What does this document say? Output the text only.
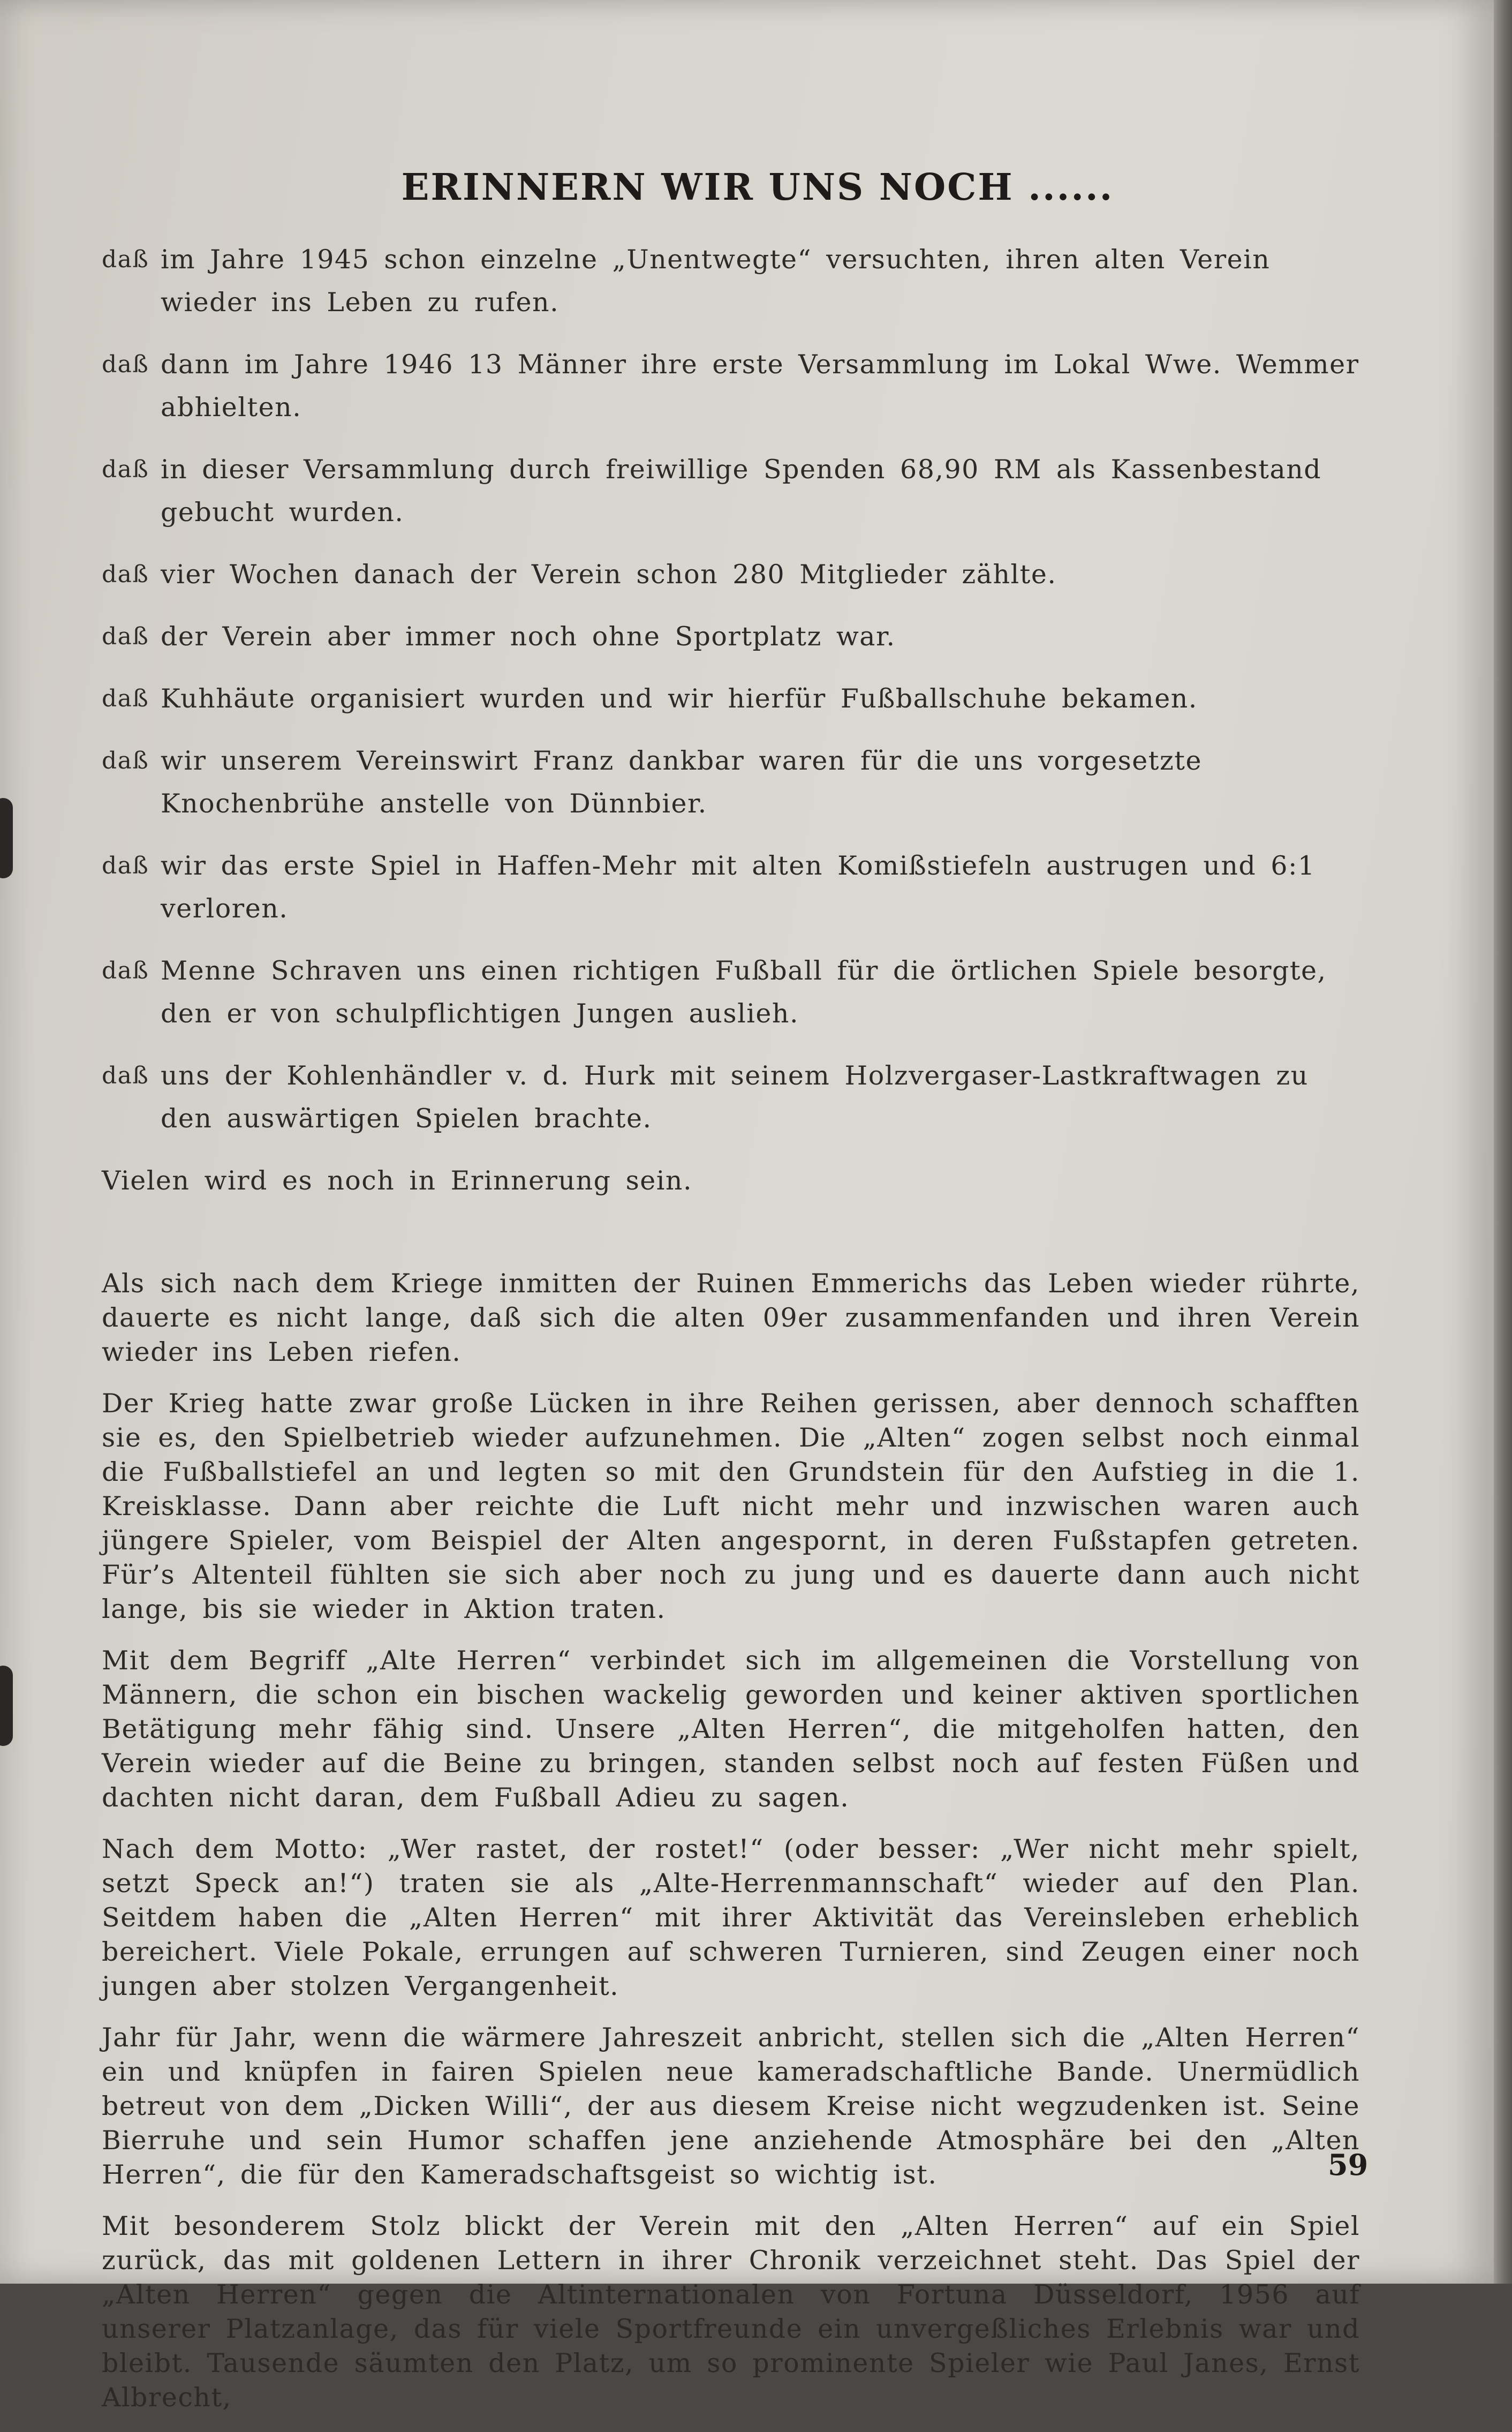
ERINNERN WIR UNS NOCH ......
daß im Jahre 1945 schon einzelne „Unentwegte“ versuchten, ihren alten Verein wieder ins Leben zu rufen.
daß dann im Jahre 1946 13 Männer ihre erste Versammlung im Lokal Wwe. Wemmer abhielten.
daß in dieser Versammlung durch freiwillige Spenden 68,90 RM als Kassenbestand gebucht wurden.
daß vier Wochen danach der Verein schon 280 Mitglieder zählte.
daß der Verein aber immer noch ohne Sportplatz war.
daß Kuhhäute organisiert wurden und wir hierfür Fußballschuhe bekamen.
daß wir unserem Vereinswirt Franz dankbar waren für die uns vorgesetzte Knochenbrühe anstelle von Dünnbier.
daß wir das erste Spiel in Haffen-Mehr mit alten Komißstiefeln austrugen und 6:1 verloren.
daß Menne Schraven uns einen richtigen Fußball für die örtlichen Spiele besorgte, den er von schulpflichtigen Jungen auslieh.
daß uns der Kohlenhändler v. d. Hurk mit seinem Holzvergaser-Lastkraftwagen zu den auswärtigen Spielen brachte.

Vielen wird es noch in Erinnerung sein.

Als sich nach dem Kriege inmitten der Ruinen Emmerichs das Leben wieder rührte, dauerte es nicht lange, daß sich die alten 09er zusammenfanden und ihren Verein wieder ins Leben riefen.

Der Krieg hatte zwar große Lücken in ihre Reihen gerissen, aber dennoch schafften sie es, den Spielbetrieb wieder aufzunehmen. Die „Alten“ zogen selbst noch einmal die Fußballstiefel an und legten so mit den Grundstein für den Aufstieg in die 1. Kreisklasse. Dann aber reichte die Luft nicht mehr und inzwischen waren auch jüngere Spieler, vom Beispiel der Alten angespornt, in deren Fußstapfen getreten. Für’s Altenteil fühlten sie sich aber noch zu jung und es dauerte dann auch nicht lange, bis sie wieder in Aktion traten.

Mit dem Begriff „Alte Herren“ verbindet sich im allgemeinen die Vorstellung von Männern, die schon ein bischen wackelig geworden und keiner aktiven sportlichen Betätigung mehr fähig sind. Unsere „Alten Herren“, die mitgeholfen hatten, den Verein wieder auf die Beine zu bringen, standen selbst noch auf festen Füßen und dachten nicht daran, dem Fußball Adieu zu sagen.

Nach dem Motto: „Wer rastet, der rostet!“ (oder besser: „Wer nicht mehr spielt, setzt Speck an!“) traten sie als „Alte-Herrenmannschaft“ wieder auf den Plan. Seitdem haben die „Alten Herren“ mit ihrer Aktivität das Vereinsleben erheblich bereichert. Viele Pokale, errungen auf schweren Turnieren, sind Zeugen einer noch jungen aber stolzen Vergangenheit.

Jahr für Jahr, wenn die wärmere Jahreszeit anbricht, stellen sich die „Alten Herren“ ein und knüpfen in fairen Spielen neue kameradschaftliche Bande. Unermüdlich betreut von dem „Dicken Willi“, der aus diesem Kreise nicht wegzudenken ist. Seine Bierruhe und sein Humor schaffen jene anziehende Atmosphäre bei den „Alten Herren“, die für den Kameradschaftsgeist so wichtig ist.

Mit besonderem Stolz blickt der Verein mit den „Alten Herren“ auf ein Spiel zurück, das mit goldenen Lettern in ihrer Chronik verzeichnet steht. Das Spiel der „Alten Herren“ gegen die Altinternationalen von Fortuna Düsseldorf, 1956 auf unserer Platzanlage, das für viele Sportfreunde ein unvergeßliches Erlebnis war und bleibt. Tausende säumten den Platz, um so prominente Spieler wie Paul Janes, Ernst Albrecht,

59
